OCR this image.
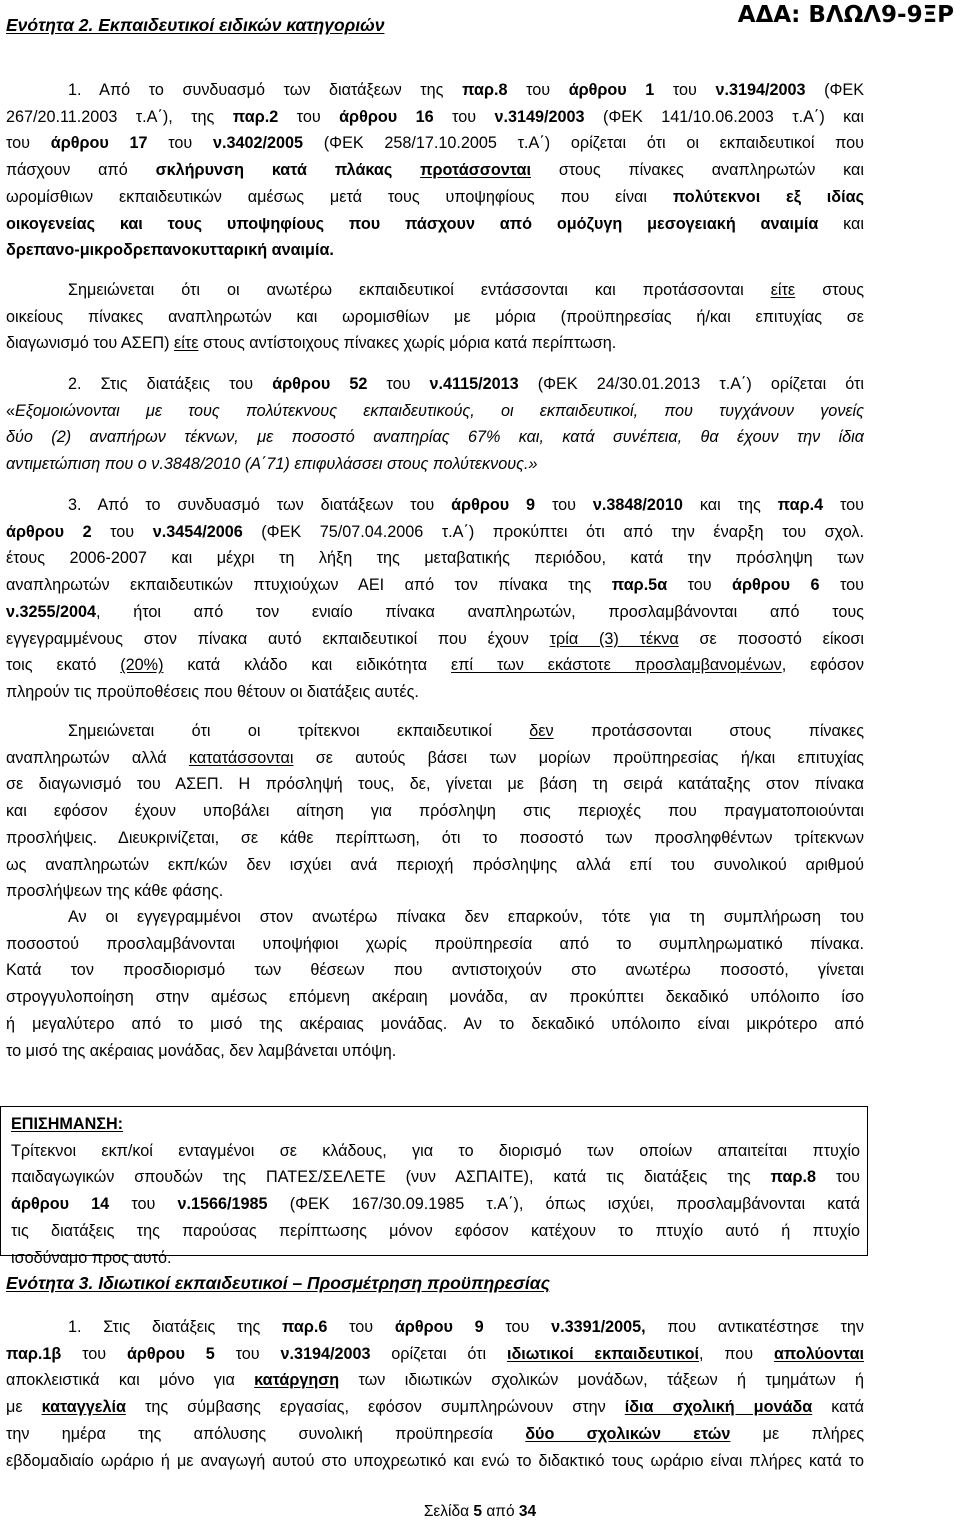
ΑΔΑ: ΒΛΩΛ9-9ΞΡ
Ενότητα 2. Εκπαιδευτικοί ειδικών κατηγοριών
1. Από το συνδυασμό των διατάξεων της παρ.8 του άρθρου 1 του ν.3194/2003 (ΦΕΚ
267/20.11.2003 τ.Α΄), της παρ.2 του άρθρου 16 του ν.3149/2003 (ΦΕΚ 141/10.06.2003 τ.Α΄) και
του άρθρου 17 του ν.3402/2005 (ΦΕΚ 258/17.10.2005 τ.Α΄) ορίζεται ότι οι εκπαιδευτικοί που
πάσχουν από σκλήρυνση κατά πλάκας προτάσσονται στους πίνακες αναπληρωτών και
ωρομίσθιων εκπαιδευτικών αμέσως μετά τους υποψηφίους που είναι πολύτεκνοι εξ ιδίας
οικογενείας και τους υποψηφίους που πάσχουν από ομόζυγη μεσογειακή αναιμία και
δρεπανο-μικροδρεπανοκυτταρική αναιμία.
Σημειώνεται ότι οι ανωτέρω εκπαιδευτικοί εντάσσονται και προτάσσονται είτε στους
οικείους πίνακες αναπληρωτών και ωρομισθίων με μόρια (προϋπηρεσίας ή/και επιτυχίας σε
διαγωνισμό του ΑΣΕΠ) είτε στους αντίστοιχους πίνακες χωρίς μόρια κατά περίπτωση.
2. Στις διατάξεις του άρθρου 52 του ν.4115/2013 (ΦΕΚ 24/30.01.2013 τ.Α΄) ορίζεται ότι
«Εξομοιώνονται με τους πολύτεκνους εκπαιδευτικούς, οι εκπαιδευτικοί, που τυγχάνουν γονείς
δύο (2) αναπήρων τέκνων, με ποσοστό αναπηρίας 67% και, κατά συνέπεια, θα έχουν την ίδια
αντιμετώπιση που ο ν.3848/2010 (Α΄71) επιφυλάσσει στους πολύτεκνους.»
3. Από το συνδυασμό των διατάξεων του άρθρου 9 του ν.3848/2010 και της παρ.4 του
άρθρου 2 του ν.3454/2006 (ΦΕΚ 75/07.04.2006 τ.Α΄) προκύπτει ότι από την έναρξη του σχολ.
έτους 2006-2007 και μέχρι τη λήξη της μεταβατικής περιόδου, κατά την πρόσληψη των
αναπληρωτών εκπαιδευτικών πτυχιούχων ΑΕΙ από τον πίνακα της παρ.5α του άρθρου 6 του
ν.3255/2004, ήτοι από τον ενιαίο πίνακα αναπληρωτών, προσλαμβάνονται από τους
εγγεγραμμένους στον πίνακα αυτό εκπαιδευτικοί που έχουν τρία (3) τέκνα σε ποσοστό είκοσι
τοις εκατό (20%) κατά κλάδο και ειδικότητα επί των εκάστοτε προσλαμβανομένων, εφόσον
πληρούν τις προϋποθέσεις που θέτουν οι διατάξεις αυτές.
Σημειώνεται ότι οι τρίτεκνοι εκπαιδευτικοί δεν προτάσσονται στους πίνακες
αναπληρωτών αλλά κατατάσσονται σε αυτούς βάσει των μορίων προϋπηρεσίας ή/και επιτυχίας
σε διαγωνισμό του ΑΣΕΠ. Η πρόσληψή τους, δε, γίνεται με βάση τη σειρά κατάταξης στον πίνακα
και εφόσον έχουν υποβάλει αίτηση για πρόσληψη στις περιοχές που πραγματοποιούνται
προσλήψεις. Διευκρινίζεται, σε κάθε περίπτωση, ότι το ποσοστό των προσληφθέντων τρίτεκνων
ως αναπληρωτών εκπ/κών δεν ισχύει ανά περιοχή πρόσληψης αλλά επί του συνολικού αριθμού
προσλήψεων της κάθε φάσης.
Αν οι εγγεγραμμένοι στον ανωτέρω πίνακα δεν επαρκούν, τότε για τη συμπλήρωση του
ποσοστού προσλαμβάνονται υποψήφιοι χωρίς προϋπηρεσία από το συμπληρωματικό πίνακα.
Κατά τον προσδιορισμό των θέσεων που αντιστοιχούν στο ανωτέρω ποσοστό, γίνεται
στρογγυλοποίηση στην αμέσως επόμενη ακέραιη μονάδα, αν προκύπτει δεκαδικό υπόλοιπο ίσο
ή μεγαλύτερο από το μισό της ακέραιας μονάδας. Αν το δεκαδικό υπόλοιπο είναι μικρότερο από
το μισό της ακέραιας μονάδας, δεν λαμβάνεται υπόψη.
ΕΠΙΣΗΜΑΝΣΗ:
Τρίτεκνοι εκπ/κοί ενταγμένοι σε κλάδους, για το διορισμό των οποίων απαιτείται πτυχίο
παιδαγωγικών σπουδών της ΠΑΤΕΣ/ΣΕΛΕΤΕ (νυν ΑΣΠΑΙΤΕ), κατά τις διατάξεις της παρ.8 του
άρθρου 14 του ν.1566/1985 (ΦΕΚ 167/30.09.1985 τ.Α΄), όπως ισχύει, προσλαμβάνονται κατά
τις διατάξεις της παρούσας περίπτωσης μόνον εφόσον κατέχουν το πτυχίο αυτό ή πτυχίο
ισοδύναμο προς αυτό.
Ενότητα 3. Ιδιωτικοί εκπαιδευτικοί – Προσμέτρηση προϋπηρεσίας
1. Στις διατάξεις της παρ.6 του άρθρου 9 του ν.3391/2005, που αντικατέστησε την
παρ.1β του άρθρου 5 του ν.3194/2003 ορίζεται ότι ιδιωτικοί εκπαιδευτικοί, που απολύονται
αποκλειστικά και μόνο για κατάργηση των ιδιωτικών σχολικών μονάδων, τάξεων ή τμημάτων ή
με καταγγελία της σύμβασης εργασίας, εφόσον συμπληρώνουν στην ίδια σχολική μονάδα κατά
την ημέρα της απόλυσης συνολική προϋπηρεσία δύο σχολικών ετών με πλήρες
εβδομαδιαίο ωράριο ή με αναγωγή αυτού στο υποχρεωτικό και ενώ το διδακτικό τους ωράριο είναι πλήρες κατά το
Σελίδα 5 από 34
